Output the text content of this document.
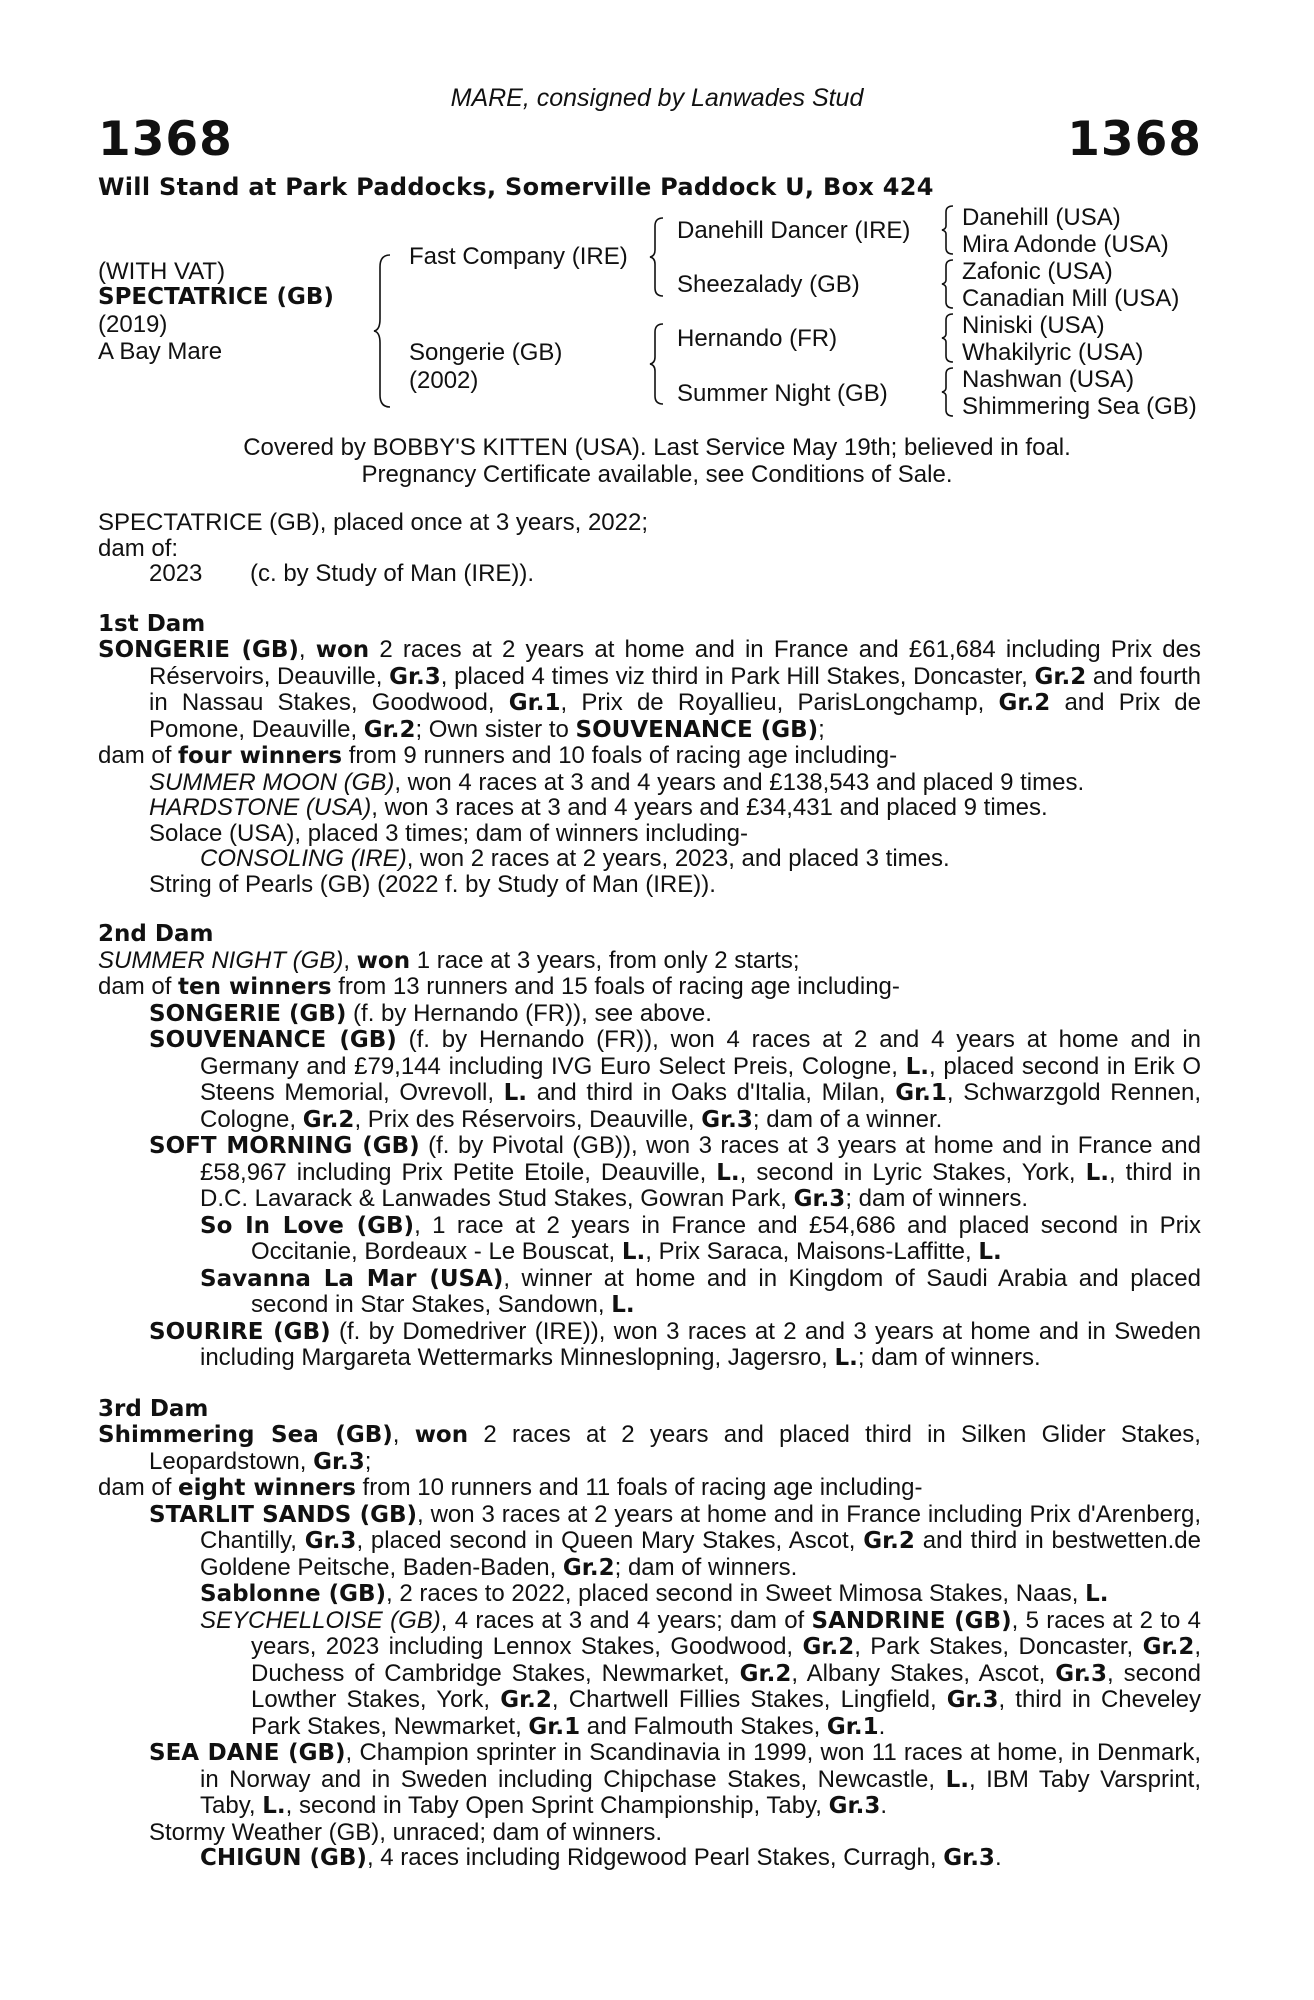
MARE, consigned by Lanwades Stud
1368	1368
Will Stand at Park Paddocks, Somerville Paddock U, Box 424
(WITH VAT)
SPECTATRICE (GB)
(2019)
A Bay Mare
Fast Company (IRE)
Songerie (GB)
(2002)
Danehill Dancer (IRE)
Sheezalady (GB)
Hernando (FR)
Summer Night (GB)
Danehill (USA)
Mira Adonde (USA)
Zafonic (USA)
Canadian Mill (USA)
Niniski (USA)
Whakilyric (USA)
Nashwan (USA)
Shimmering Sea (GB)
Covered by BOBBY'S KITTEN (USA). Last Service May 19th; believed in foal.
Pregnancy Certificate available, see Conditions of Sale.

SPECTATRICE (GB), placed once at 3 years, 2022;

dam of:

2023	(c. by Study of Man (IRE)).

1st Dam

SONGERIE (GB), won 2 races at 2 years at home and in France and £61,684 including Prix des Réservoirs, Deauville, Gr.3, placed 4 times viz third in Park Hill Stakes, Doncaster, Gr.2 and fourth in Nassau Stakes, Goodwood, Gr.1, Prix de Royallieu, ParisLongchamp, Gr.2 and Prix de Pomone, Deauville, Gr.2; Own sister to SOUVENANCE (GB);

dam of four winners from 9 runners and 10 foals of racing age including-

SUMMER MOON (GB), won 4 races at 3 and 4 years and £138,543 and placed 9 times.

HARDSTONE (USA), won 3 races at 3 and 4 years and £34,431 and placed 9 times.

Solace (USA), placed 3 times; dam of winners including-

CONSOLING (IRE), won 2 races at 2 years, 2023, and placed 3 times.

String of Pearls (GB) (2022 f. by Study of Man (IRE)).

2nd Dam

SUMMER NIGHT (GB), won 1 race at 3 years, from only 2 starts;

dam of ten winners from 13 runners and 15 foals of racing age including-

SONGERIE (GB) (f. by Hernando (FR)), see above.

SOUVENANCE (GB) (f. by Hernando (FR)), won 4 races at 2 and 4 years at home and in Germany and £79,144 including IVG Euro Select Preis, Cologne, L., placed second in Erik O Steens Memorial, Ovrevoll, L. and third in Oaks d'Italia, Milan, Gr.1, Schwarzgold Rennen, Cologne, Gr.2, Prix des Réservoirs, Deauville, Gr.3; dam of a winner.

SOFT MORNING (GB) (f. by Pivotal (GB)), won 3 races at 3 years at home and in France and £58,967 including Prix Petite Etoile, Deauville, L., second in Lyric Stakes, York, L., third in D.C. Lavarack & Lanwades Stud Stakes, Gowran Park, Gr.3; dam of winners.

So In Love (GB), 1 race at 2 years in France and £54,686 and placed second in Prix Occitanie, Bordeaux - Le Bouscat, L., Prix Saraca, Maisons-Laffitte, L.

Savanna La Mar (USA), winner at home and in Kingdom of Saudi Arabia and placed second in Star Stakes, Sandown, L.

SOURIRE (GB) (f. by Domedriver (IRE)), won 3 races at 2 and 3 years at home and in Sweden including Margareta Wettermarks Minneslopning, Jagersro, L.; dam of winners.

3rd Dam

Shimmering Sea (GB), won 2 races at 2 years and placed third in Silken Glider Stakes, Leopardstown, Gr.3;

dam of eight winners from 10 runners and 11 foals of racing age including-

STARLIT SANDS (GB), won 3 races at 2 years at home and in France including Prix d'Arenberg, Chantilly, Gr.3, placed second in Queen Mary Stakes, Ascot, Gr.2 and third in bestwetten.de Goldene Peitsche, Baden-Baden, Gr.2; dam of winners.

Sablonne (GB), 2 races to 2022, placed second in Sweet Mimosa Stakes, Naas, L.

SEYCHELLOISE (GB), 4 races at 3 and 4 years; dam of SANDRINE (GB), 5 races at 2 to 4 years, 2023 including Lennox Stakes, Goodwood, Gr.2, Park Stakes, Doncaster, Gr.2, Duchess of Cambridge Stakes, Newmarket, Gr.2, Albany Stakes, Ascot, Gr.3, second Lowther Stakes, York, Gr.2, Chartwell Fillies Stakes, Lingfield, Gr.3, third in Cheveley Park Stakes, Newmarket, Gr.1 and Falmouth Stakes, Gr.1.

SEA DANE (GB), Champion sprinter in Scandinavia in 1999, won 11 races at home, in Denmark, in Norway and in Sweden including Chipchase Stakes, Newcastle, L., IBM Taby Varsprint, Taby, L., second in Taby Open Sprint Championship, Taby, Gr.3.

Stormy Weather (GB), unraced; dam of winners.

CHIGUN (GB), 4 races including Ridgewood Pearl Stakes, Curragh, Gr.3.
